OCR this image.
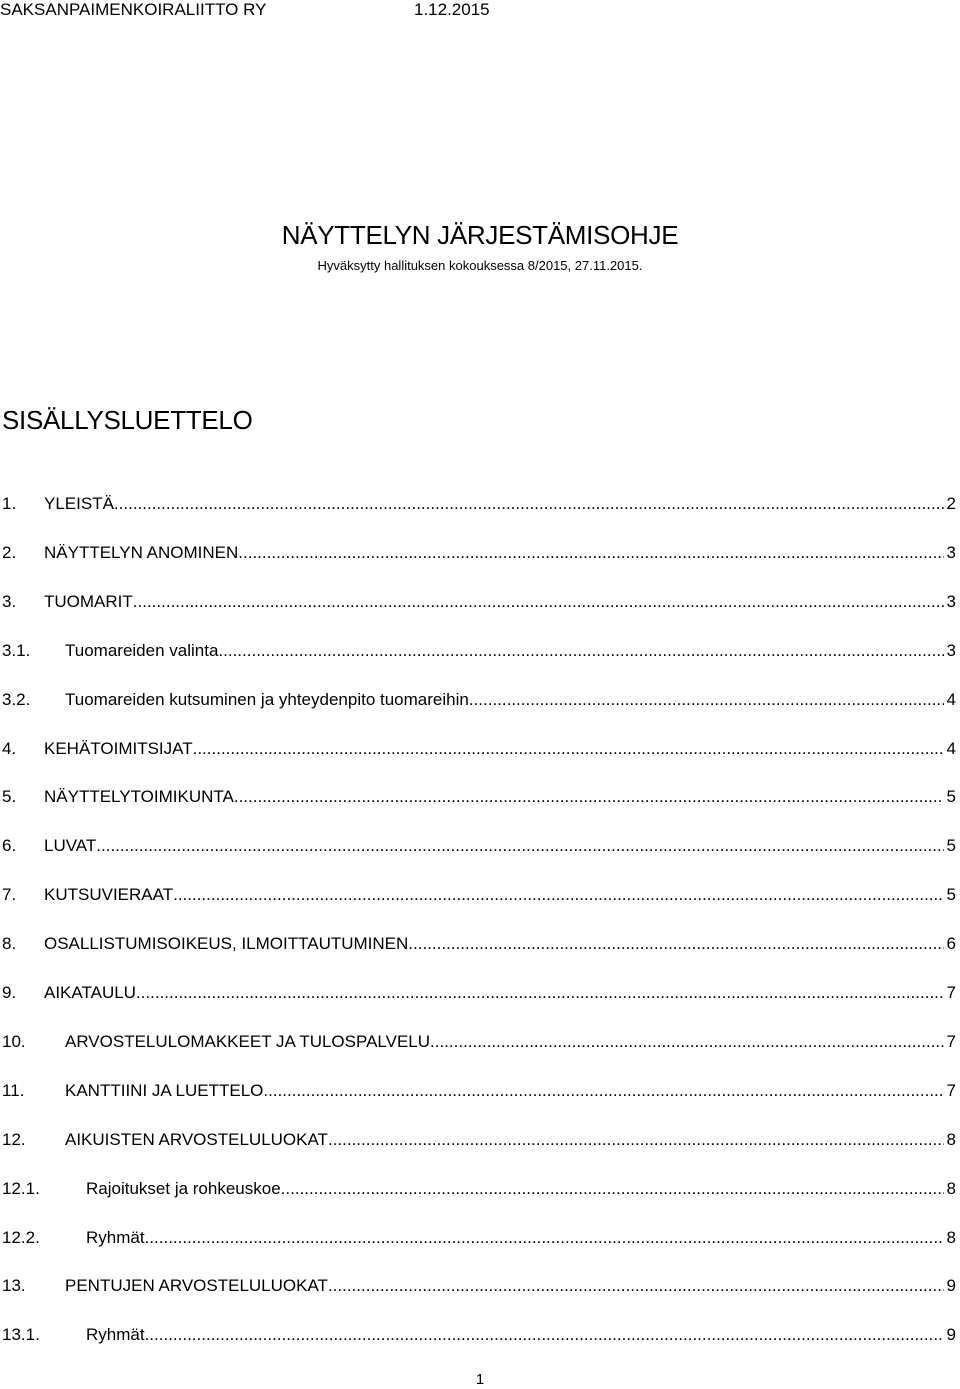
SAKSANPAIMENKOIRALIITTO RY	1.12.2015
NÄYTTELYN JÄRJESTÄMISOHJE
Hyväksytty hallituksen kokouksessa 8/2015, 27.11.2015.
SISÄLLYSLUETTELO
1. YLEISTÄ .....	2
2. NÄYTTELYN ANOMINEN .....	3
3. TUOMARIT .....	3
3.1. Tuomareiden valinta .....	3
3.2. Tuomareiden kutsuminen ja yhteydenpito tuomareihin .....	4
4. KEHÄTOIMITSIJAT .....	4
5. NÄYTTELYTOIMIKUNTA .....	5
6. LUVAT .....	5
7. KUTSUVIERAAT .....	5
8. OSALLISTUMISOIKEUS, ILMOITTAUTUMINEN .....	6
9. AIKATAULU .....	7
10. ARVOSTELULOMAKKEET JA TULOSPALVELU .....	7
11. KANTTIINI JA LUETTELO .....	7
12. AIKUISTEN ARVOSTELULUOKAT .....	8
12.1.	Rajoitukset ja rohkeuskoe .....	8
12.2.	Ryhmät .....	8
13. PENTUJEN ARVOSTELULUOKAT .....	9
13.1.	Ryhmät .....	9
1
